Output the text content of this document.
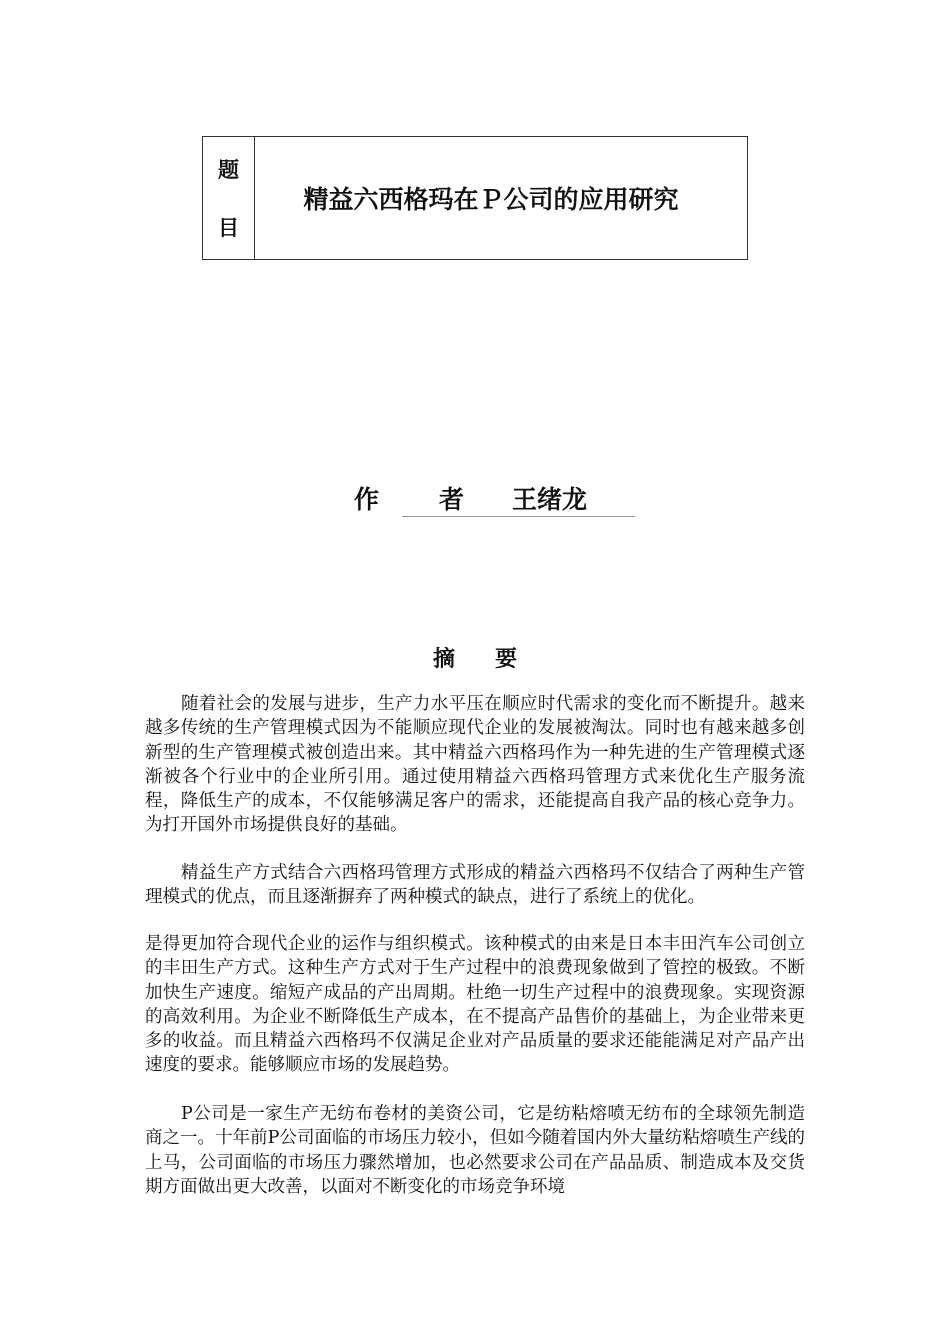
题
目
精益六西格玛在Ｐ公司的应用研究
作者
王绪龙
摘要

随着社会的发展与进步，生产力水平压在顺应时代需求的变化而不断提升。越来越多传统的生产管理模式因为不能顺应现代企业的发展被淘汰。同时也有越来越多创新型的生产管理模式被创造出来。其中精益六西格玛作为一种先进的生产管理模式逐渐被各个行业中的企业所引用。通过使用精益六西格玛管理方式来优化生产服务流程，降低生产的成本，不仅能够满足客户的需求，还能提高自我产品的核心竞争力。为打开国外市场提供良好的基础。

精益生产方式结合六西格玛管理方式形成的精益六西格玛不仅结合了两种生产管理模式的优点，而且逐渐摒弃了两种模式的缺点，进行了系统上的优化。

是得更加符合现代企业的运作与组织模式。该种模式的由来是日本丰田汽车公司创立的丰田生产方式。这种生产方式对于生产过程中的浪费现象做到了管控的极致。不断加快生产速度。缩短产成品的产出周期。杜绝一切生产过程中的浪费现象。实现资源的高效利用。为企业不断降低生产成本，在不提高产品售价的基础上，为企业带来更多的收益。而且精益六西格玛不仅满足企业对产品质量的要求还能能满足对产品产出速度的要求。能够顺应市场的发展趋势。

P公司是一家生产无纺布卷材的美资公司，它是纺粘熔喷无纺布的全球领先制造商之一。十年前P公司面临的市场压力较小，但如今随着国内外大量纺粘熔喷生产线的上马，公司面临的市场压力骤然增加，也必然要求公司在产品品质、制造成本及交货期方面做出更大改善，以面对不断变化的市场竞争环境
